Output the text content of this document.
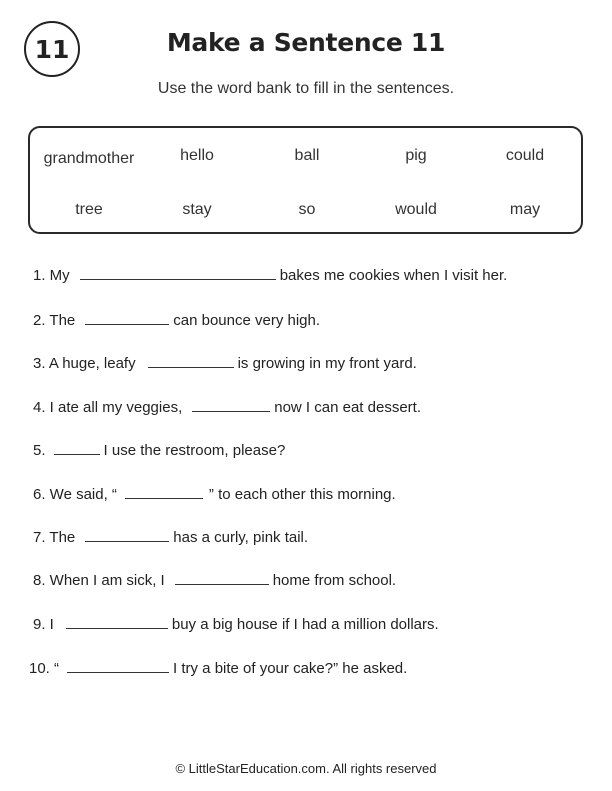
11	Make a Sentence 11
Use the word bank to fill in the sentences.
grandmother	hello	ball	pig	could
tree	stay	so	would	may
1. My	bakes me cookies when I visit her.
2. The	can bounce very high.
3. A huge, leafy	is growing in my front yard.
4. I ate all my veggies,	now I can eat dessert.
5.	I use the restroom, please?
6. We said, “	” to each other this morning.
7. The	has a curly, pink tail.
8. When I am sick, I	home from school.
9. I	buy a big house if I had a million dollars.
10. “	I try a bite of your cake?” he asked.
© LittleStarEducation.com. All rights reserved
